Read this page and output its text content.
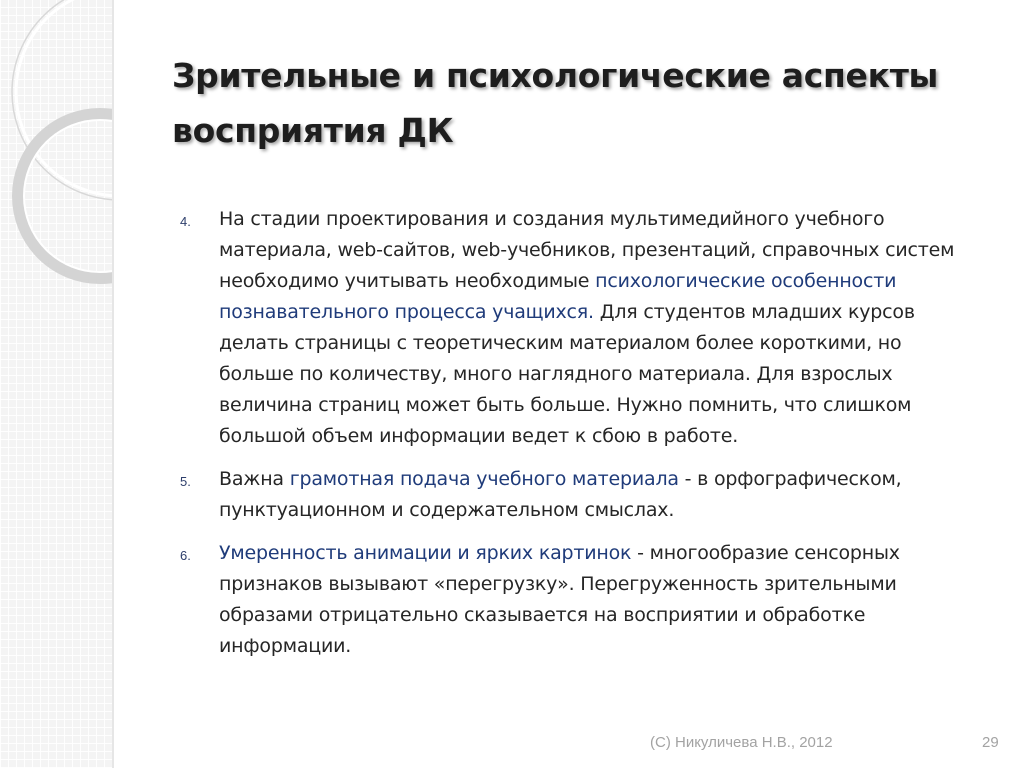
Зрительные и психологические аспекты
восприятия ДК
4.	На стадии проектирования и создания мультимедийного учебного материала, web-сайтов, web-учебников, презентаций, справочных систем необходимо учитывать необходимые психологические особенности познавательного процесса учащихся. Для студентов младших курсов делать страницы с теоретическим материалом более короткими, но больше по количеству, много наглядного материала. Для взрослых величина страниц может быть больше. Нужно помнить, что слишком большой объем информации ведет к сбою в работе.
5.	Важна грамотная подача учебного материала - в орфографическом, пунктуационном и содержательном смыслах.
6.	Умеренность анимации и ярких картинок - многообразие сенсорных признаков вызывают «перегрузку». Перегруженность зрительными образами отрицательно сказывается на восприятии и обработке информации.
(С) Никуличева Н.В., 2012	29
